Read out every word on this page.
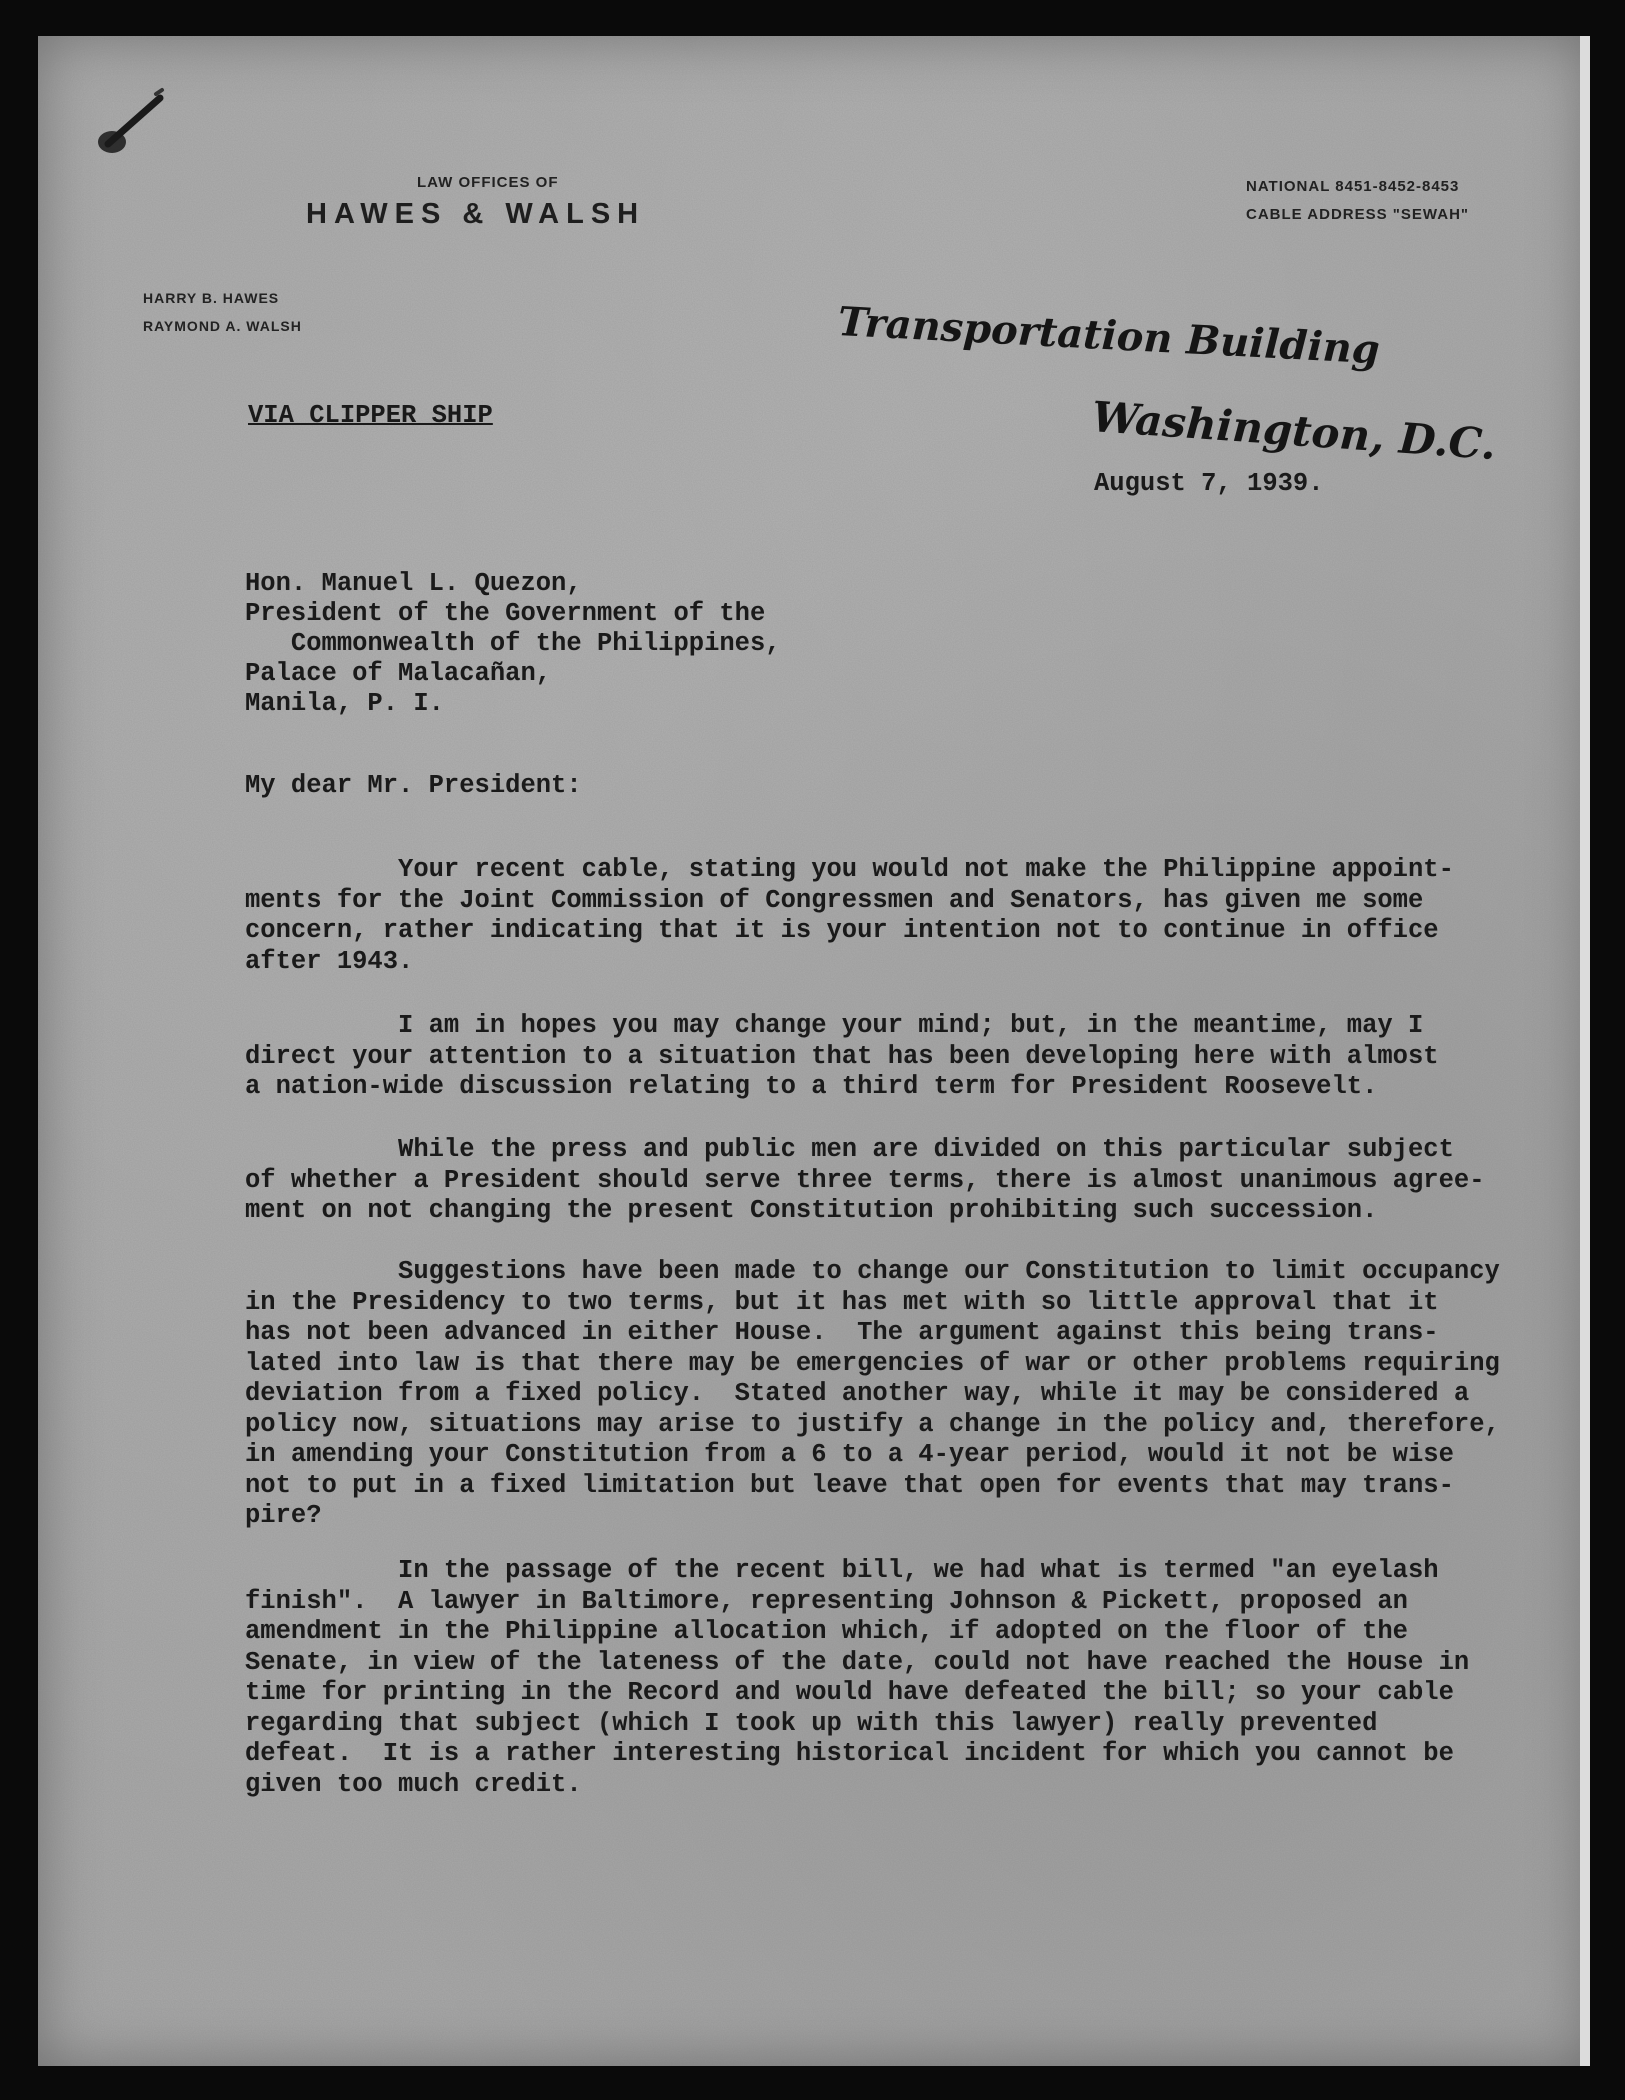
LAW OFFICES OF
HAWES & WALSH
HARRY B. HAWES
RAYMOND A. WALSH
NATIONAL 8451-8452-8453
CABLE ADDRESS "SEWAH"
Transportation Building
Washington, D.C.
VIA CLIPPER SHIP
August 7, 1939.
Hon. Manuel L. Quezon,
President of the Government of the
Commonwealth of the Philippines,
Palace of Malacañan,
Manila, P. I.
My dear Mr. President:
Your recent cable, stating you would not make the Philippine appoint-
ments for the Joint Commission of Congressmen and Senators, has given me some
concern, rather indicating that it is your intention not to continue in office
after 1943.
I am in hopes you may change your mind; but, in the meantime, may I
direct your attention to a situation that has been developing here with almost
a nation-wide discussion relating to a third term for President Roosevelt.
While the press and public men are divided on this particular subject
of whether a President should serve three terms, there is almost unanimous agree-
ment on not changing the present Constitution prohibiting such succession.
Suggestions have been made to change our Constitution to limit occupancy
in the Presidency to two terms, but it has met with so little approval that it
has not been advanced in either House.  The argument against this being trans-
lated into law is that there may be emergencies of war or other problems requiring
deviation from a fixed policy.  Stated another way, while it may be considered a
policy now, situations may arise to justify a change in the policy and, therefore,
in amending your Constitution from a 6 to a 4-year period, would it not be wise
not to put in a fixed limitation but leave that open for events that may trans-
pire?
In the passage of the recent bill, we had what is termed "an eyelash
finish".  A lawyer in Baltimore, representing Johnson & Pickett, proposed an
amendment in the Philippine allocation which, if adopted on the floor of the
Senate, in view of the lateness of the date, could not have reached the House in
time for printing in the Record and would have defeated the bill; so your cable
regarding that subject (which I took up with this lawyer) really prevented
defeat.  It is a rather interesting historical incident for which you cannot be
given too much credit.
